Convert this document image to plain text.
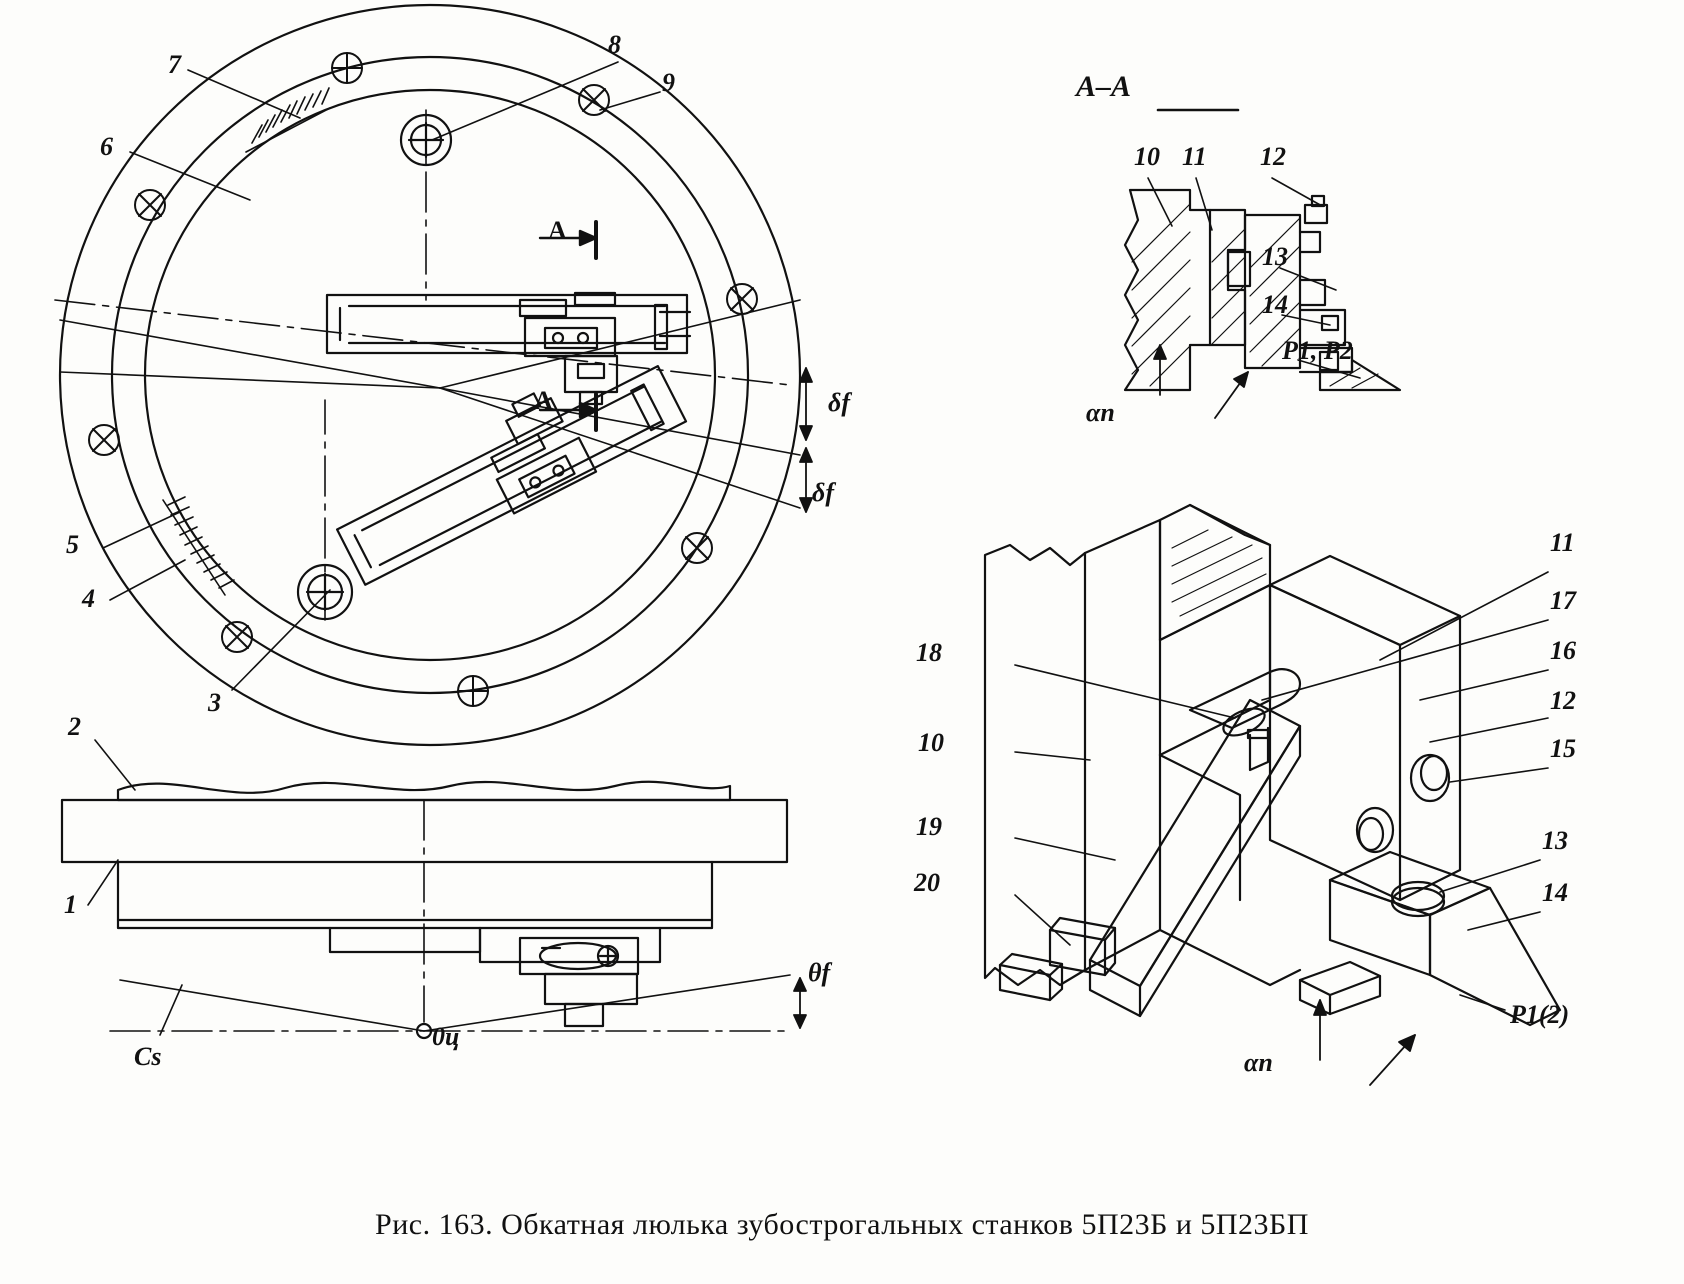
7
8
9
6
5
4
3
A
A	δf
δf
2
1
θf
0ц
Cs
A–A
10 11 12
13
14
P1, P2
αn
18
10
19
20
11
17
16
12
15
13
14
P1(2)
αn
Рис. 163. Обкатная люлька зубострогальных станков 5П23Б и 5П23БП
